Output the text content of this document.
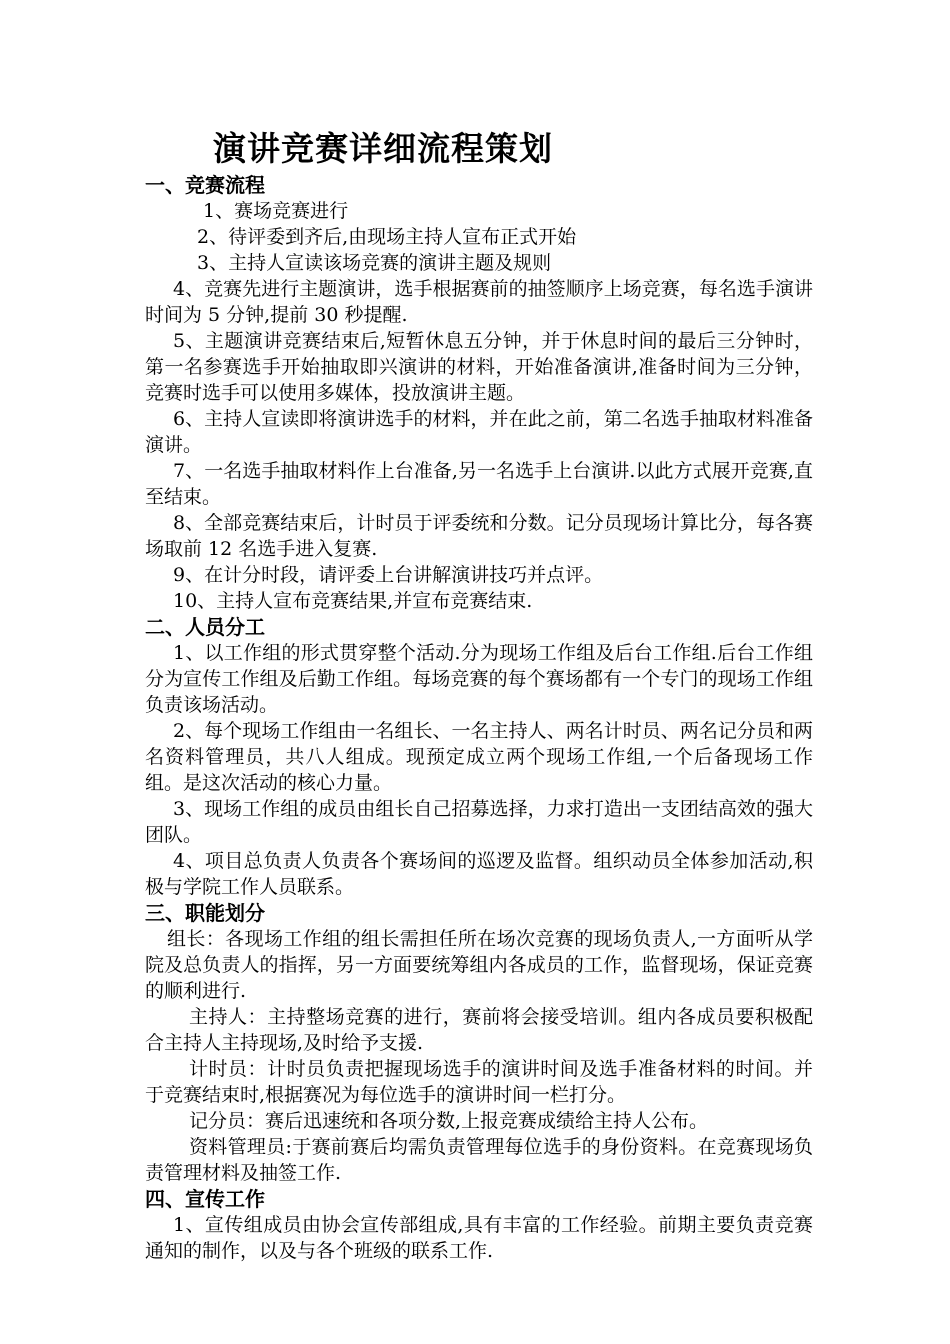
演讲竞赛详细流程策划
一、竞赛流程

1、赛场竞赛进行

2、待评委到齐后,由现场主持人宣布正式开始

3、主持人宣读该场竞赛的演讲主题及规则

4、竞赛先进行主题演讲，选手根据赛前的抽签顺序上场竞赛，每名选手演讲时间为 5 分钟,提前 30 秒提醒.

5、主题演讲竞赛结束后,短暂休息五分钟，并于休息时间的最后三分钟时，第一名参赛选手开始抽取即兴演讲的材料，开始准备演讲,准备时间为三分钟，竞赛时选手可以使用多媒体，投放演讲主题。

6、主持人宣读即将演讲选手的材料，并在此之前，第二名选手抽取材料准备演讲。

7、一名选手抽取材料作上台准备,另一名选手上台演讲.以此方式展开竞赛,直至结束。

8、全部竞赛结束后，计时员于评委统和分数。记分员现场计算比分，每各赛场取前 12 名选手进入复赛.

9、在计分时段，请评委上台讲解演讲技巧并点评。

10、主持人宣布竞赛结果,并宣布竞赛结束.

二、人员分工

1、以工作组的形式贯穿整个活动.分为现场工作组及后台工作组.后台工作组分为宣传工作组及后勤工作组。每场竞赛的每个赛场都有一个专门的现场工作组负责该场活动。

2、每个现场工作组由一名组长、一名主持人、两名计时员、两名记分员和两名资料管理员，共八人组成。现预定成立两个现场工作组,一个后备现场工作组。是这次活动的核心力量。

3、现场工作组的成员由组长自己招募选择，力求打造出一支团结高效的强大团队。

4、项目总负责人负责各个赛场间的巡逻及监督。组织动员全体参加活动,积极与学院工作人员联系。

三、职能划分

组长：各现场工作组的组长需担任所在场次竞赛的现场负责人,一方面听从学院及总负责人的指挥，另一方面要统筹组内各成员的工作，监督现场，保证竞赛的顺利进行.

主持人：主持整场竞赛的进行，赛前将会接受培训。组内各成员要积极配合主持人主持现场,及时给予支援.

计时员：计时员负责把握现场选手的演讲时间及选手准备材料的时间。并于竞赛结束时,根据赛况为每位选手的演讲时间一栏打分。

记分员：赛后迅速统和各项分数,上报竞赛成绩给主持人公布。

资料管理员:于赛前赛后均需负责管理每位选手的身份资料。在竞赛现场负责管理材料及抽签工作.

四、宣传工作

1、宣传组成员由协会宣传部组成,具有丰富的工作经验。前期主要负责竞赛通知的制作，以及与各个班级的联系工作.
